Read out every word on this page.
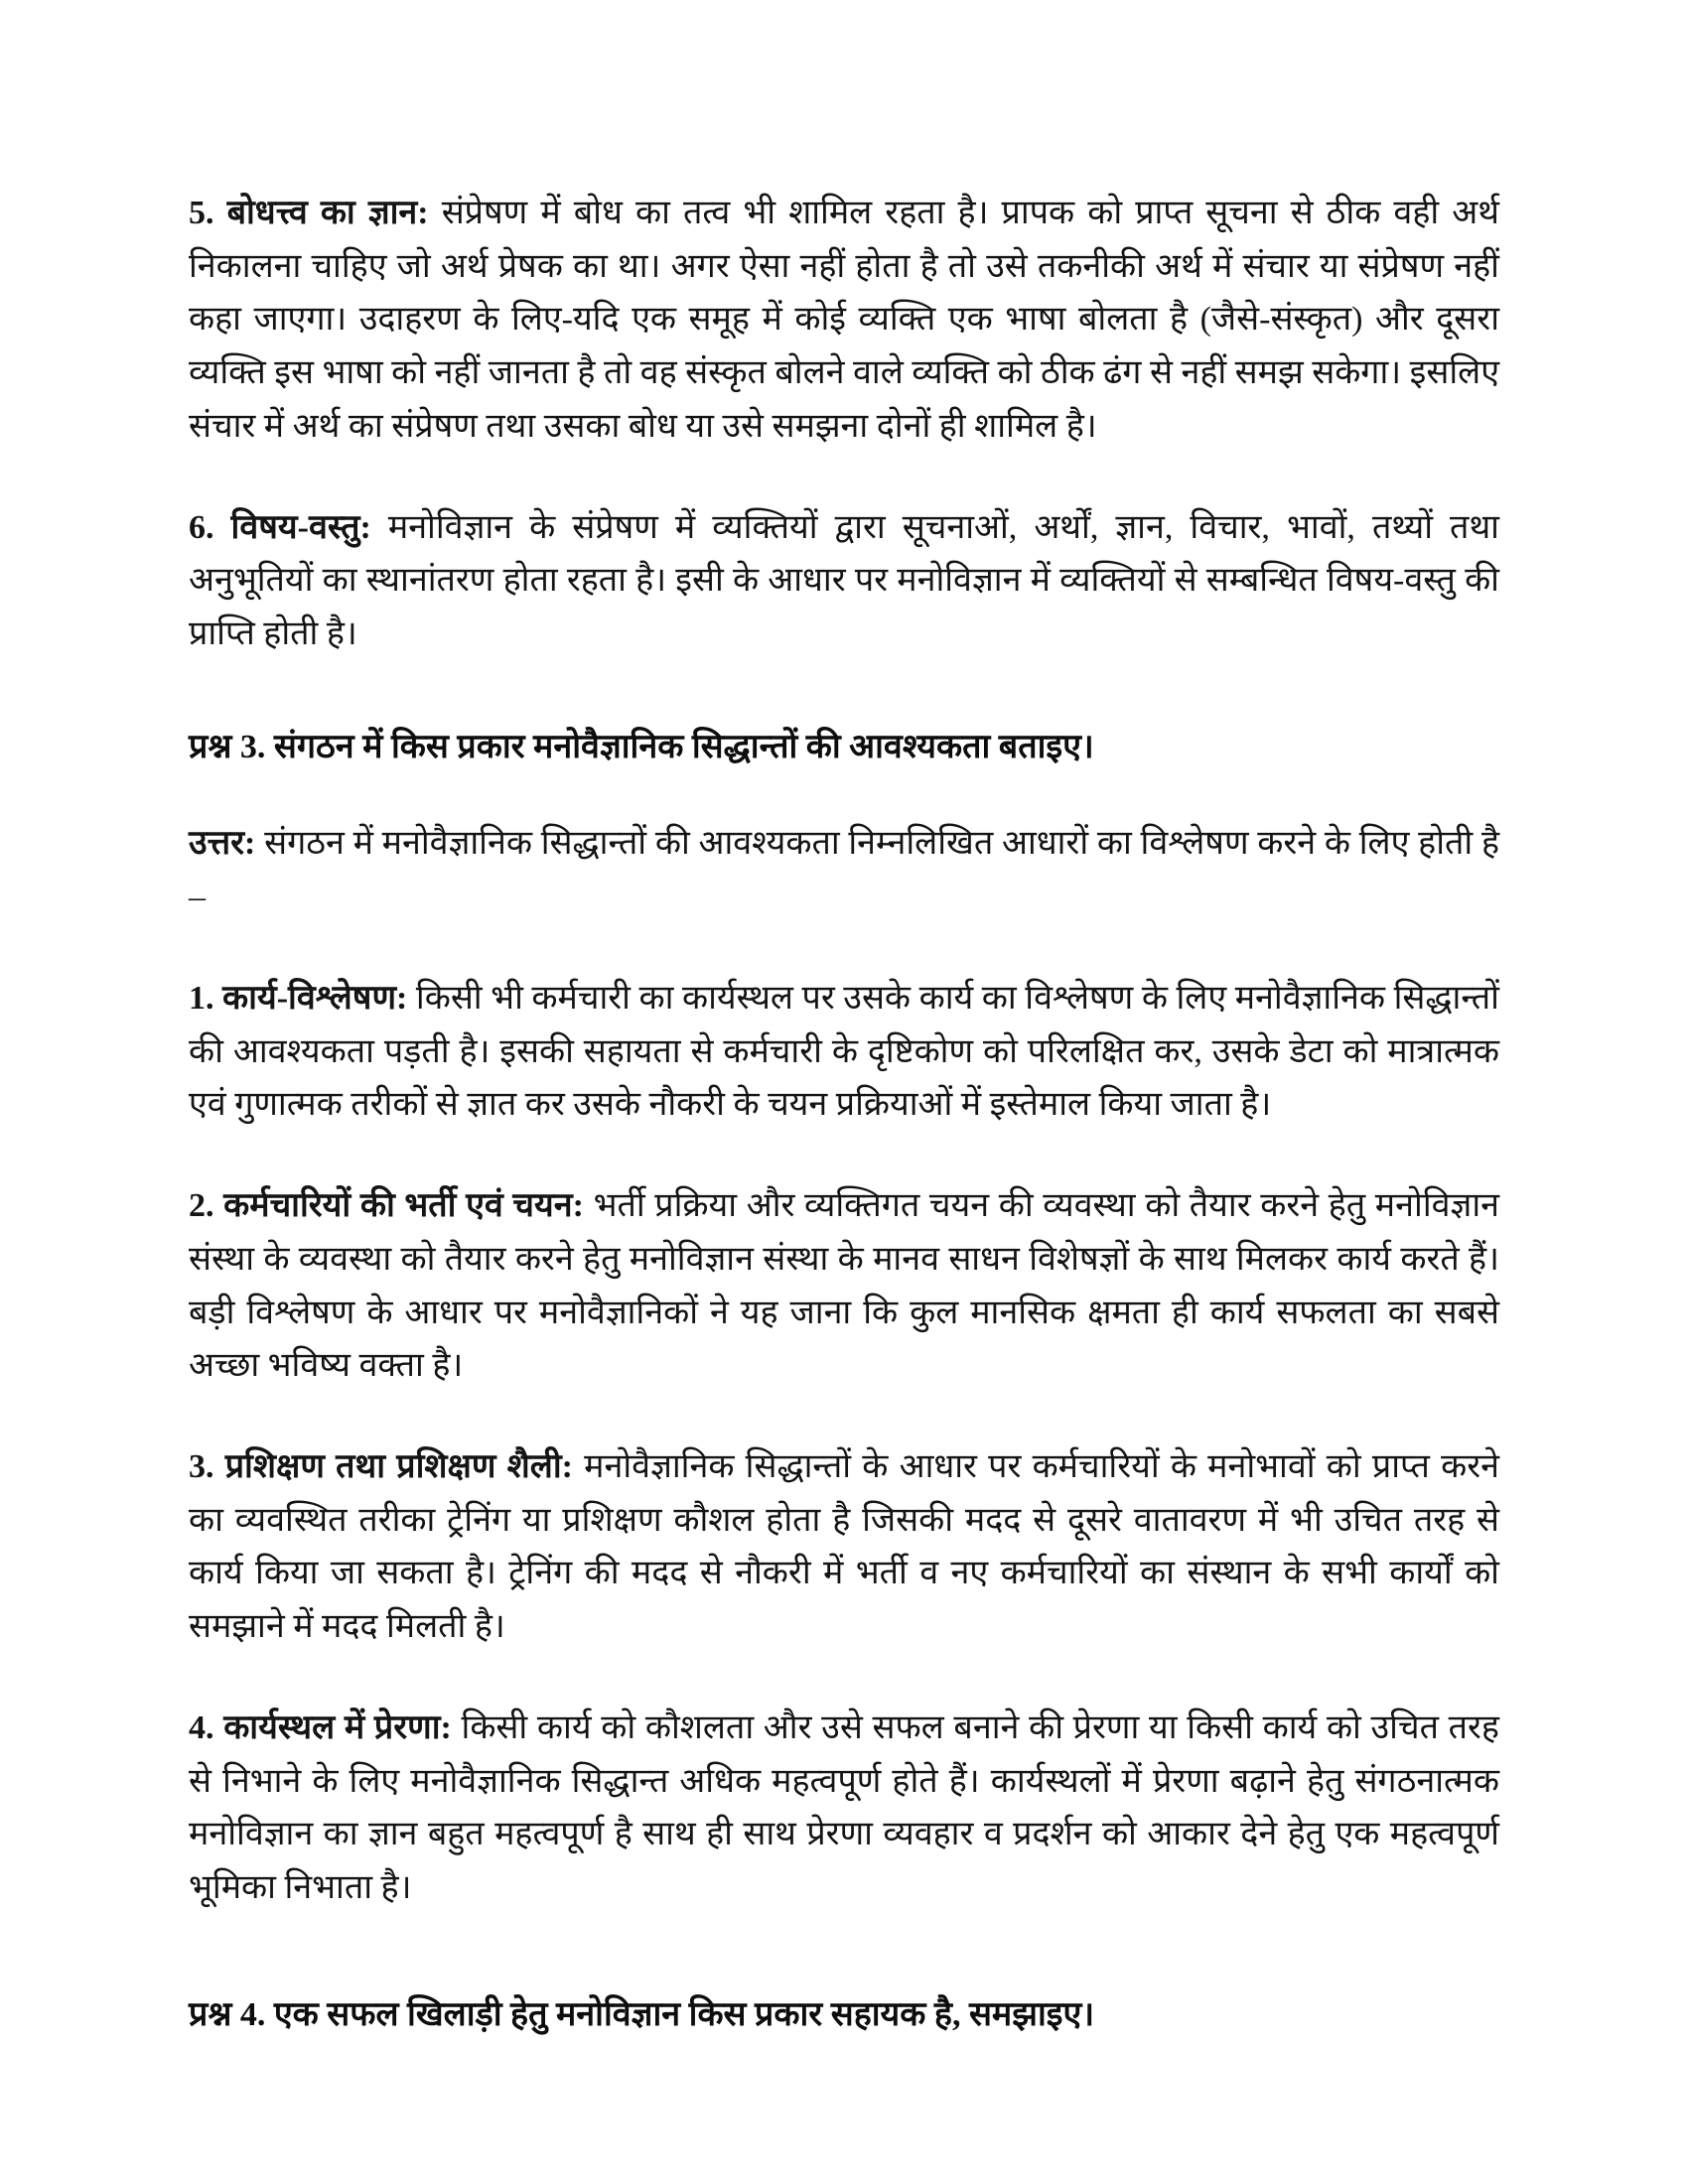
5. बोधत्त्व का ज्ञान: संप्रेषण में बोध का तत्व भी शामिल रहता है। प्रापक को प्राप्त सूचना से ठीक वही अर्थ निकालना चाहिए जो अर्थ प्रेषक का था। अगर ऐसा नहीं होता है तो उसे तकनीकी अर्थ में संचार या संप्रेषण नहीं कहा जाएगा। उदाहरण के लिए-यदि एक समूह में कोई व्यक्ति एक भाषा बोलता है (जैसे-संस्कृत) और दूसरा व्यक्ति इस भाषा को नहीं जानता है तो वह संस्कृत बोलने वाले व्यक्ति को ठीक ढंग से नहीं समझ सकेगा। इसलिए संचार में अर्थ का संप्रेषण तथा उसका बोध या उसे समझना दोनों ही शामिल है।

6. विषय-वस्तु: मनोविज्ञान के संप्रेषण में व्यक्तियों द्वारा सूचनाओं, अर्थों, ज्ञान, विचार, भावों, तथ्यों तथा अनुभूतियों का स्थानांतरण होता रहता है। इसी के आधार पर मनोविज्ञान में व्यक्तियों से सम्बन्धित विषय-वस्तु की प्राप्ति होती है।

प्रश्न 3. संगठन में किस प्रकार मनोवैज्ञानिक सिद्धान्तों की आवश्यकता बताइए।

उत्तर: संगठन में मनोवैज्ञानिक सिद्धान्तों की आवश्यकता निम्नलिखित आधारों का विश्लेषण करने के लिए होती है –

1. कार्य-विश्लेषण: किसी भी कर्मचारी का कार्यस्थल पर उसके कार्य का विश्लेषण के लिए मनोवैज्ञानिक सिद्धान्तों की आवश्यकता पड़ती है। इसकी सहायता से कर्मचारी के दृष्टिकोण को परिलक्षित कर, उसके डेटा को मात्रात्मक एवं गुणात्मक तरीकों से ज्ञात कर उसके नौकरी के चयन प्रक्रियाओं में इस्तेमाल किया जाता है।

2. कर्मचारियों की भर्ती एवं चयन: भर्ती प्रक्रिया और व्यक्तिगत चयन की व्यवस्था को तैयार करने हेतु मनोविज्ञान संस्था के व्यवस्था को तैयार करने हेतु मनोविज्ञान संस्था के मानव साधन विशेषज्ञों के साथ मिलकर कार्य करते हैं। बड़ी विश्लेषण के आधार पर मनोवैज्ञानिकों ने यह जाना कि कुल मानसिक क्षमता ही कार्य सफलता का सबसे अच्छा भविष्य वक्ता है।

3. प्रशिक्षण तथा प्रशिक्षण शैली: मनोवैज्ञानिक सिद्धान्तों के आधार पर कर्मचारियों के मनोभावों को प्राप्त करने का व्यवस्थित तरीका ट्रेनिंग या प्रशिक्षण कौशल होता है जिसकी मदद से दूसरे वातावरण में भी उचित तरह से कार्य किया जा सकता है। ट्रेनिंग की मदद से नौकरी में भर्ती व नए कर्मचारियों का संस्थान के सभी कार्यों को समझाने में मदद मिलती है।

4. कार्यस्थल में प्रेरणा: किसी कार्य को कौशलता और उसे सफल बनाने की प्रेरणा या किसी कार्य को उचित तरह से निभाने के लिए मनोवैज्ञानिक सिद्धान्त अधिक महत्वपूर्ण होते हैं। कार्यस्थलों में प्रेरणा बढ़ाने हेतु संगठनात्मक मनोविज्ञान का ज्ञान बहुत महत्वपूर्ण है साथ ही साथ प्रेरणा व्यवहार व प्रदर्शन को आकार देने हेतु एक महत्वपूर्ण भूमिका निभाता है।

प्रश्न 4. एक सफल खिलाड़ी हेतु मनोविज्ञान किस प्रकार सहायक है, समझाइए।
